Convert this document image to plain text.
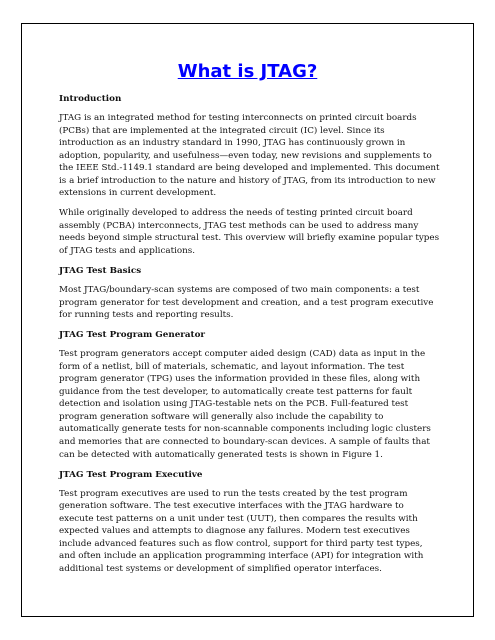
What is JTAG?
Introduction

JTAG is an integrated method for testing interconnects on printed circuit boards (PCBs) that are implemented at the integrated circuit (IC) level. Since its introduction as an industry standard in 1990, JTAG has continuously grown in adoption, popularity, and usefulness—even today, new revisions and supplements to the IEEE Std.-1149.1 standard are being developed and implemented. This document is a brief introduction to the nature and history of JTAG, from its introduction to new extensions in current development.

While originally developed to address the needs of testing printed circuit board assembly (PCBA) interconnects, JTAG test methods can be used to address many needs beyond simple structural test. This overview will briefly examine popular types of JTAG tests and applications.

JTAG Test Basics

Most JTAG/boundary-scan systems are composed of two main components: a test program generator for test development and creation, and a test program executive for running tests and reporting results.

JTAG Test Program Generator

Test program generators accept computer aided design (CAD) data as input in the form of a netlist, bill of materials, schematic, and layout information. The test program generator (TPG) uses the information provided in these files, along with guidance from the test developer, to automatically create test patterns for fault detection and isolation using JTAG-testable nets on the PCB. Full-featured test program generation software will generally also include the capability to automatically generate tests for non-scannable components including logic clusters and memories that are connected to boundary-scan devices. A sample of faults that can be detected with automatically generated tests is shown in Figure 1.

JTAG Test Program Executive

Test program executives are used to run the tests created by the test program generation software. The test executive interfaces with the JTAG hardware to execute test patterns on a unit under test (UUT), then compares the results with expected values and attempts to diagnose any failures. Modern test executives include advanced features such as flow control, support for third party test types, and often include an application programming interface (API) for integration with additional test systems or development of simplified operator interfaces.
